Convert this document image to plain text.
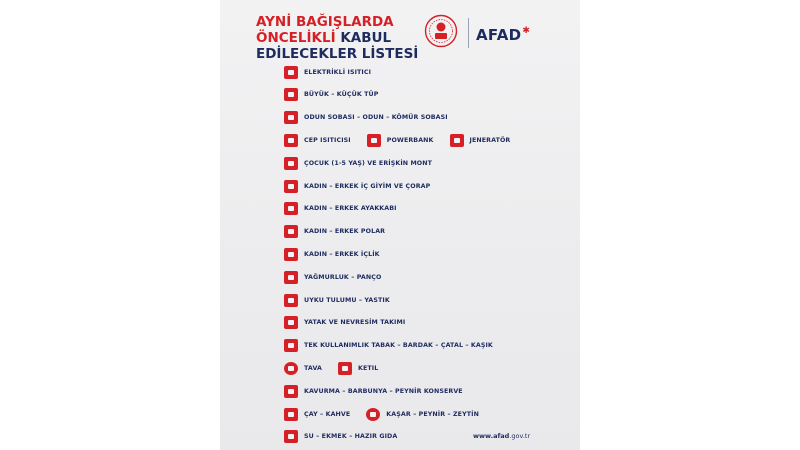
AYNİ BAĞIŞLARDA
ÖNCELİKLİ KABUL
EDİLECEKLER LİSTESİ
AFAD✱
ELEKTRİKLİ ISITICI
BÜYÜK – KÜÇÜK TÜP
ODUN SOBASI – ODUN – KÖMÜR SOBASI
CEP ISITICISI	POWERBANK	JENERATÖR
ÇOCUK (1-5 YAŞ) VE ERİŞKİN MONT
KADIN – ERKEK İÇ GİYİM VE ÇORAP
KADIN – ERKEK AYAKKABI
KADIN – ERKEK POLAR
KADIN – ERKEK İÇLİK
YAĞMURLUK – PANÇO
UYKU TULUMU – YASTIK
YATAK VE NEVRESİM TAKIMI
TEK KULLANIMLIK TABAK – BARDAK – ÇATAL – KAŞIK
TAVA	KETIL
KAVURMA – BARBUNYA – PEYNİR KONSERVE
ÇAY – KAHVE	KAŞAR – PEYNİR – ZEYTİN
SU – EKMEK – HAZIR GIDA	www.afad.gov.tr
